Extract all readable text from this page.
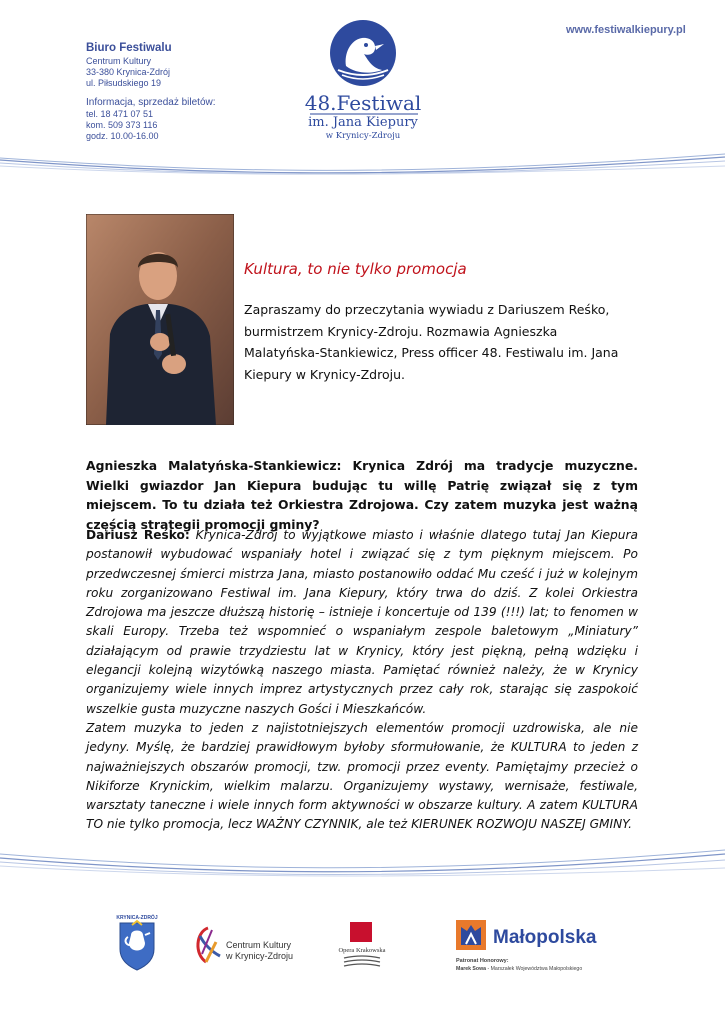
Biuro Festiwalu
Centrum Kultury
33-380 Krynica-Zdrój
ul. Piłsudskiego 19
Informacja, sprzedaż biletów:
tel. 18 471 07 51
kom. 509 373 116
godz. 10.00-16.00
48.Festiwal
im. Jana Kiepury
w Krynicy-Zdroju
www.festiwalkiepury.pl
Kultura, to nie tylko promocja
Zapraszamy do przeczytania wywiadu z Dariuszem Reśko, burmistrzem Krynicy-Zdroju. Rozmawia Agnieszka Malatyńska-Stankiewicz, Press officer 48. Festiwalu im. Jana Kiepury w Krynicy-Zdroju.
Agnieszka Malatyńska-Stankiewicz: Krynica Zdrój ma tradycje muzyczne. Wielki gwiazdor Jan Kiepura budując tu willę Patrię związał się z tym miejscem. To tu działa też Orkiestra Zdrojowa. Czy zatem muzyka jest ważną częścią strategii promocji gminy?

Dariusz Reśko: Krynica-Zdrój to wyjątkowe miasto i właśnie dlatego tutaj Jan Kiepura postanowił wybudować wspaniały hotel i związać się z tym pięknym miejscem. Po przedwczesnej śmierci mistrza Jana, miasto postanowiło oddać Mu cześć i już w kolejnym roku zorganizowano Festiwal im. Jana Kiepury, który trwa do dziś. Z kolei Orkiestra Zdrojowa ma jeszcze dłuższą historię – istnieje i koncertuje od 139 (!!!) lat; to fenomen w skali Europy. Trzeba też wspomnieć o wspaniałym zespole baletowym „Miniatury” działającym od prawie trzydziestu lat w Krynicy, który jest piękną, pełną wdzięku i elegancji kolejną wizytówką naszego miasta. Pamiętać również należy, że w Krynicy organizujemy wiele innych imprez artystycznych przez cały rok, starając się zaspokoić wszelkie gusta muzyczne naszych Gości i Mieszkańców.

Zatem muzyka to jeden z najistotniejszych elementów promocji uzdrowiska, ale nie jedyny. Myślę, że bardziej prawidłowym byłoby sformułowanie, że KULTURA to jeden z najważniejszych obszarów promocji, tzw. promocji przez eventy. Pamiętajmy przecież o Nikiforze Krynickim, wielkim malarzu. Organizujemy wystawy, wernisaże, festiwale, warsztaty taneczne i wiele innych form aktywności w obszarze kultury. A zatem KULTURA TO nie tylko promocja, lecz WAŻNY CZYNNIK, ale też KIERUNEK ROZWOJU NASZEJ GMINY.

KRYNICA-ZDRÓJ
Centrum Kultury
w Krynicy-Zdroju
Opera Krakowska
Małopolska
Patronat Honorowy:
Marek Sowa - Marszałek Województwa Małopolskiego
